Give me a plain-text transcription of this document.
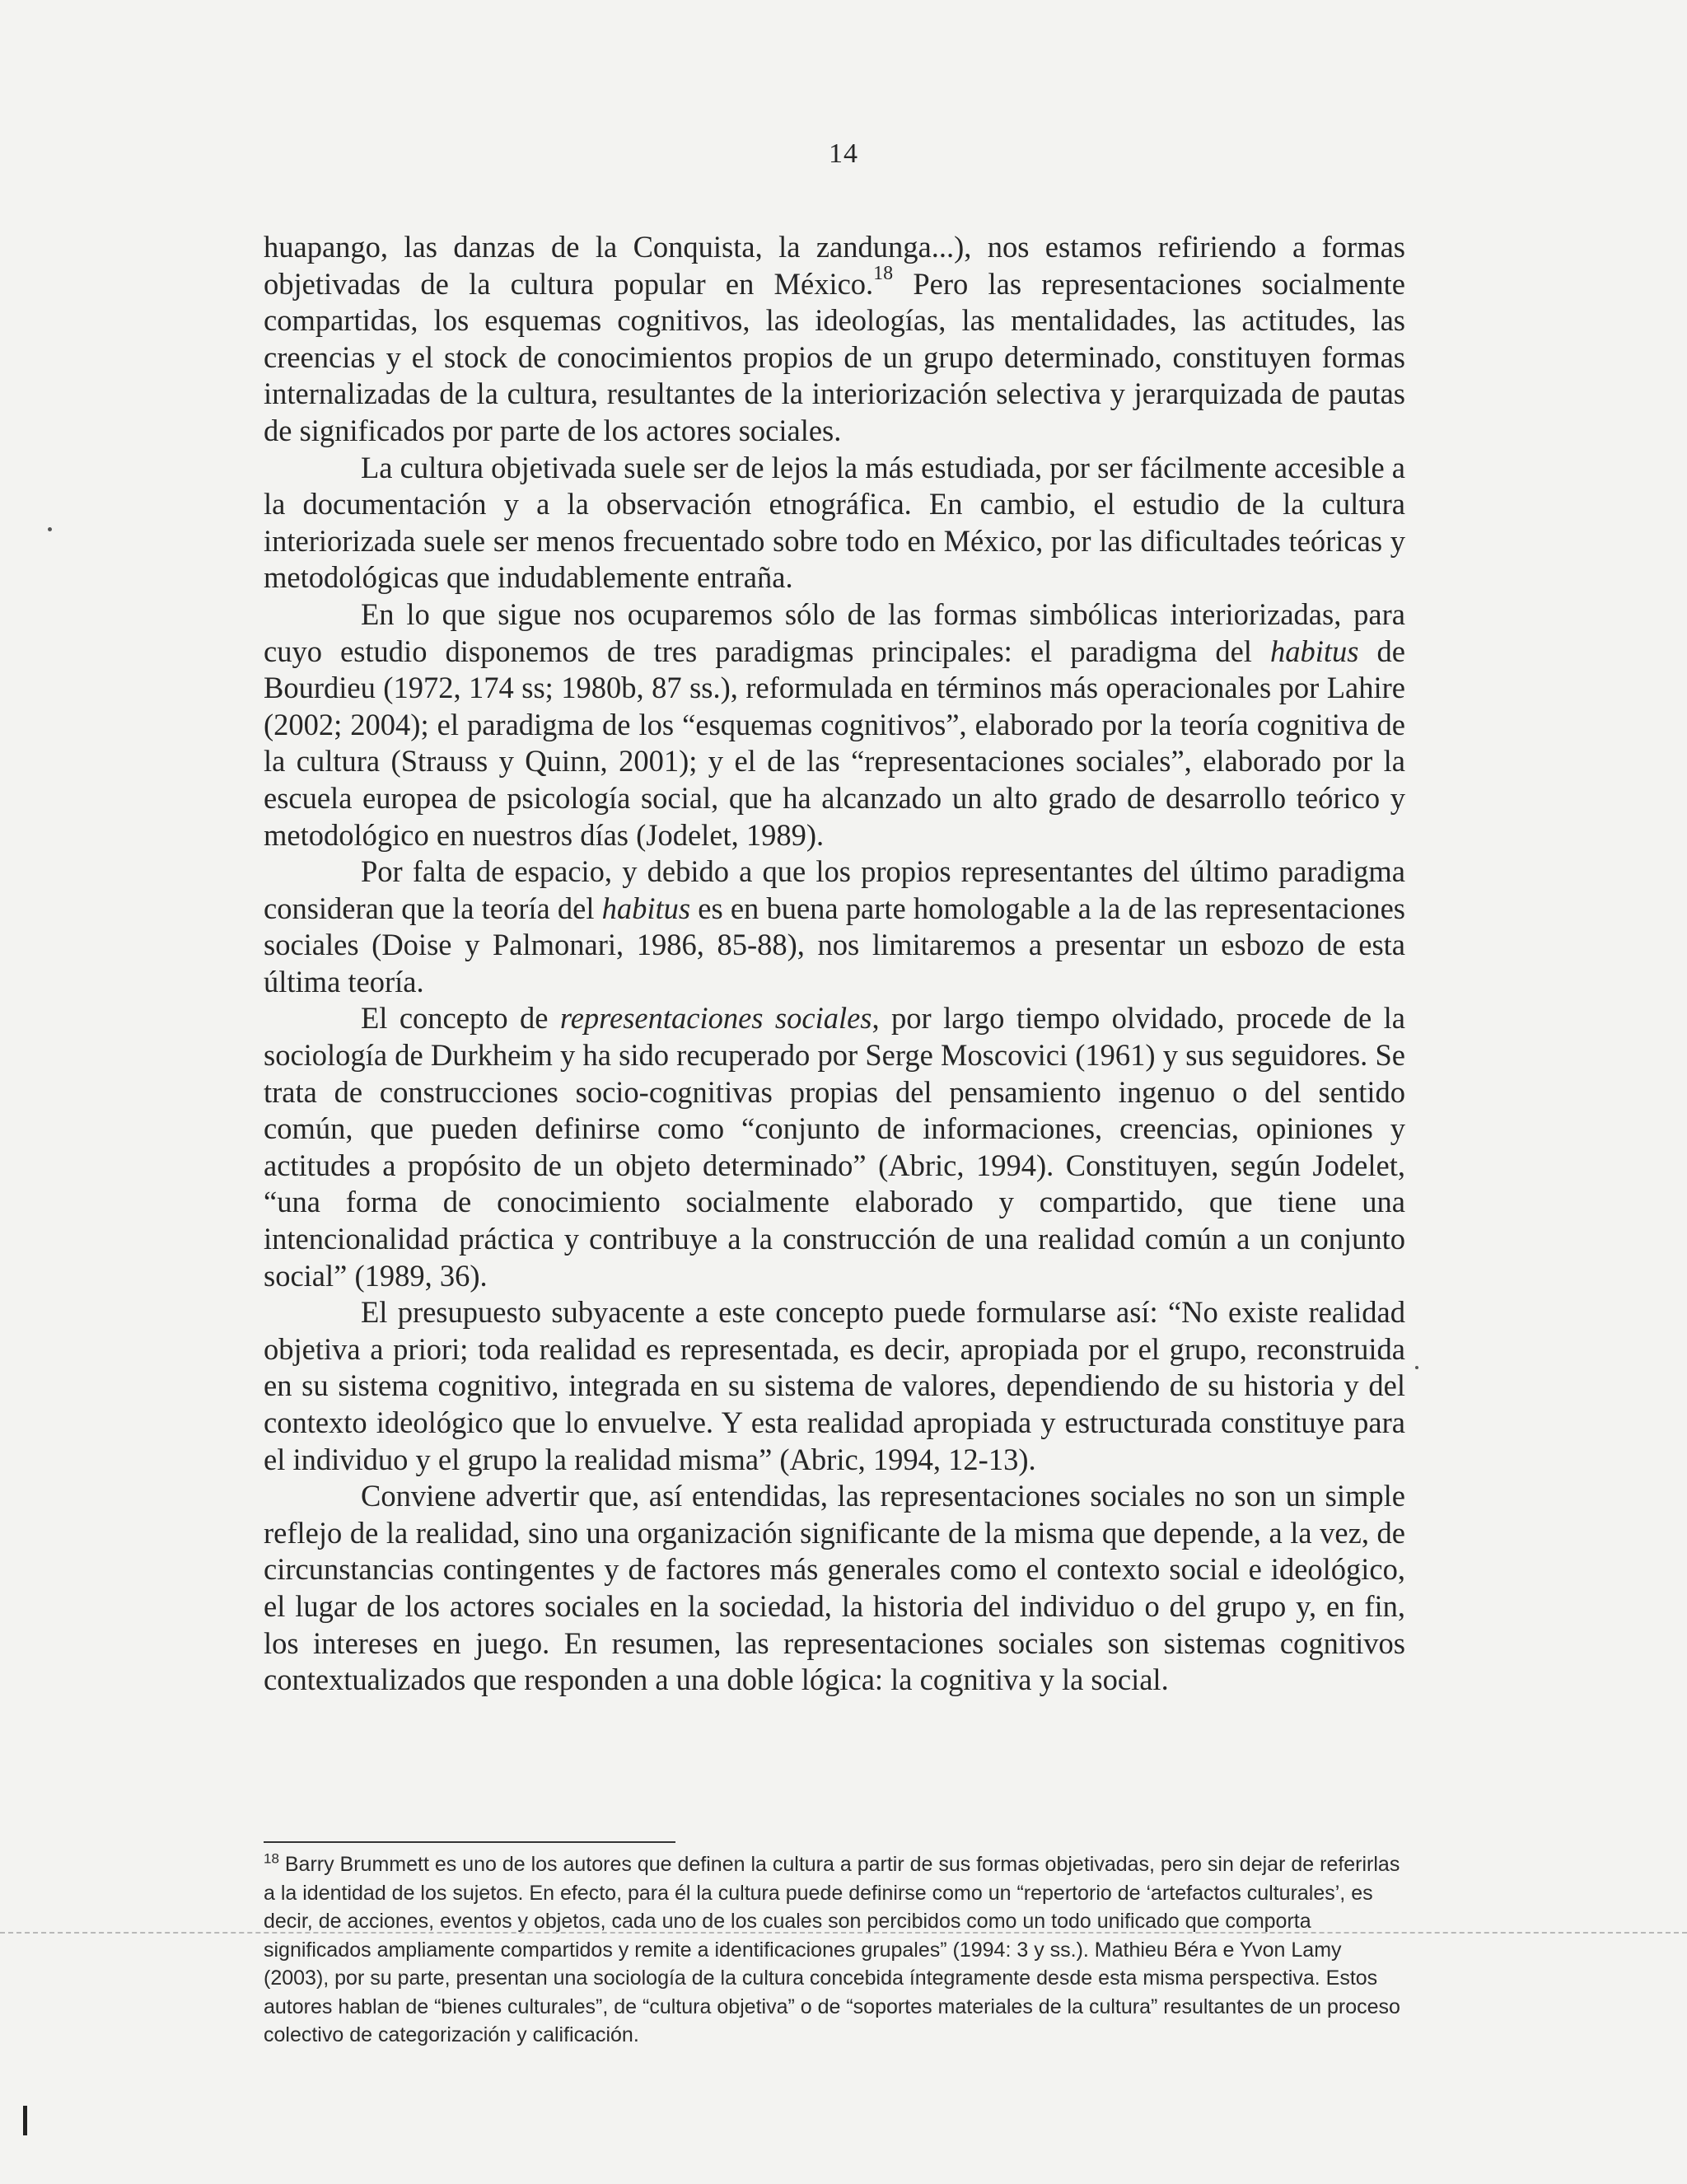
14

huapango, las danzas de la Conquista, la zandunga...), nos estamos refiriendo a formas objetivadas de la cultura popular en México.$^{18}$ Pero las representaciones socialmente compartidas, los esquemas cognitivos, las ideologías, las mentalidades, las actitudes, las creencias y el stock de conocimientos propios de un grupo determinado, constituyen formas internalizadas de la cultura, resultantes de la interiorización selectiva y jerarquizada de pautas de significados por parte de los actores sociales.

La cultura objetivada suele ser de lejos la más estudiada, por ser fácilmente accesible a la documentación y a la observación etnográfica. En cambio, el estudio de la cultura interiorizada suele ser menos frecuentado sobre todo en México, por las dificultades teóricas y metodológicas que indudablemente entraña.

En lo que sigue nos ocuparemos sólo de las formas simbólicas interiorizadas, para cuyo estudio disponemos de tres paradigmas principales: el paradigma del habitus de Bourdieu (1972, 174 ss; 1980b, 87 ss.), reformulada en términos más operacionales por Lahire (2002; 2004); el paradigma de los “esquemas cognitivos”, elaborado por la teoría cognitiva de la cultura (Strauss y Quinn, 2001); y el de las “representaciones sociales”, elaborado por la escuela europea de psicología social, que ha alcanzado un alto grado de desarrollo teórico y metodológico en nuestros días (Jodelet, 1989).

Por falta de espacio, y debido a que los propios representantes del último paradigma consideran que la teoría del habitus es en buena parte homologable a la de las representaciones sociales (Doise y Palmonari, 1986, 85-88), nos limitaremos a presentar un esbozo de esta última teoría.

El concepto de representaciones sociales, por largo tiempo olvidado, procede de la sociología de Durkheim y ha sido recuperado por Serge Moscovici (1961) y sus seguidores. Se trata de construcciones socio-cognitivas propias del pensamiento ingenuo o del sentido común, que pueden definirse como “conjunto de informaciones, creencias, opiniones y actitudes a propósito de un objeto determinado” (Abric, 1994). Constituyen, según Jodelet, “una forma de conocimiento socialmente elaborado y compartido, que tiene una intencionalidad práctica y contribuye a la construcción de una realidad común a un conjunto social” (1989, 36).

El presupuesto subyacente a este concepto puede formularse así: “No existe realidad objetiva a priori; toda realidad es representada, es decir, apropiada por el grupo, reconstruida en su sistema cognitivo, integrada en su sistema de valores, dependiendo de su historia y del contexto ideológico que lo envuelve. Y esta realidad apropiada y estructurada constituye para el individuo y el grupo la realidad misma” (Abric, 1994, 12-13).

Conviene advertir que, así entendidas, las representaciones sociales no son un simple reflejo de la realidad, sino una organización significante de la misma que depende, a la vez, de circunstancias contingentes y de factores más generales como el contexto social e ideológico, el lugar de los actores sociales en la sociedad, la historia del individuo o del grupo y, en fin, los intereses en juego. En resumen, las representaciones sociales son sistemas cognitivos contextualizados que responden a una doble lógica: la cognitiva y la social.

$^{18}$ Barry Brummett es uno de los autores que definen la cultura a partir de sus formas objetivadas, pero sin dejar de referirlas a la identidad de los sujetos. En efecto, para él la cultura puede definirse como un “repertorio de ‘artefactos culturales’, es decir, de acciones, eventos y objetos, cada uno de los cuales son percibidos como un todo unificado que comporta significados ampliamente compartidos y remite a identificaciones grupales” (1994: 3 y ss.). Mathieu Béra e Yvon Lamy (2003), por su parte, presentan una sociología de la cultura concebida íntegramente desde esta misma perspectiva. Estos autores hablan de “bienes culturales”, de “cultura objetiva” o de “soportes materiales de la cultura” resultantes de un proceso colectivo de categorización y calificación.
